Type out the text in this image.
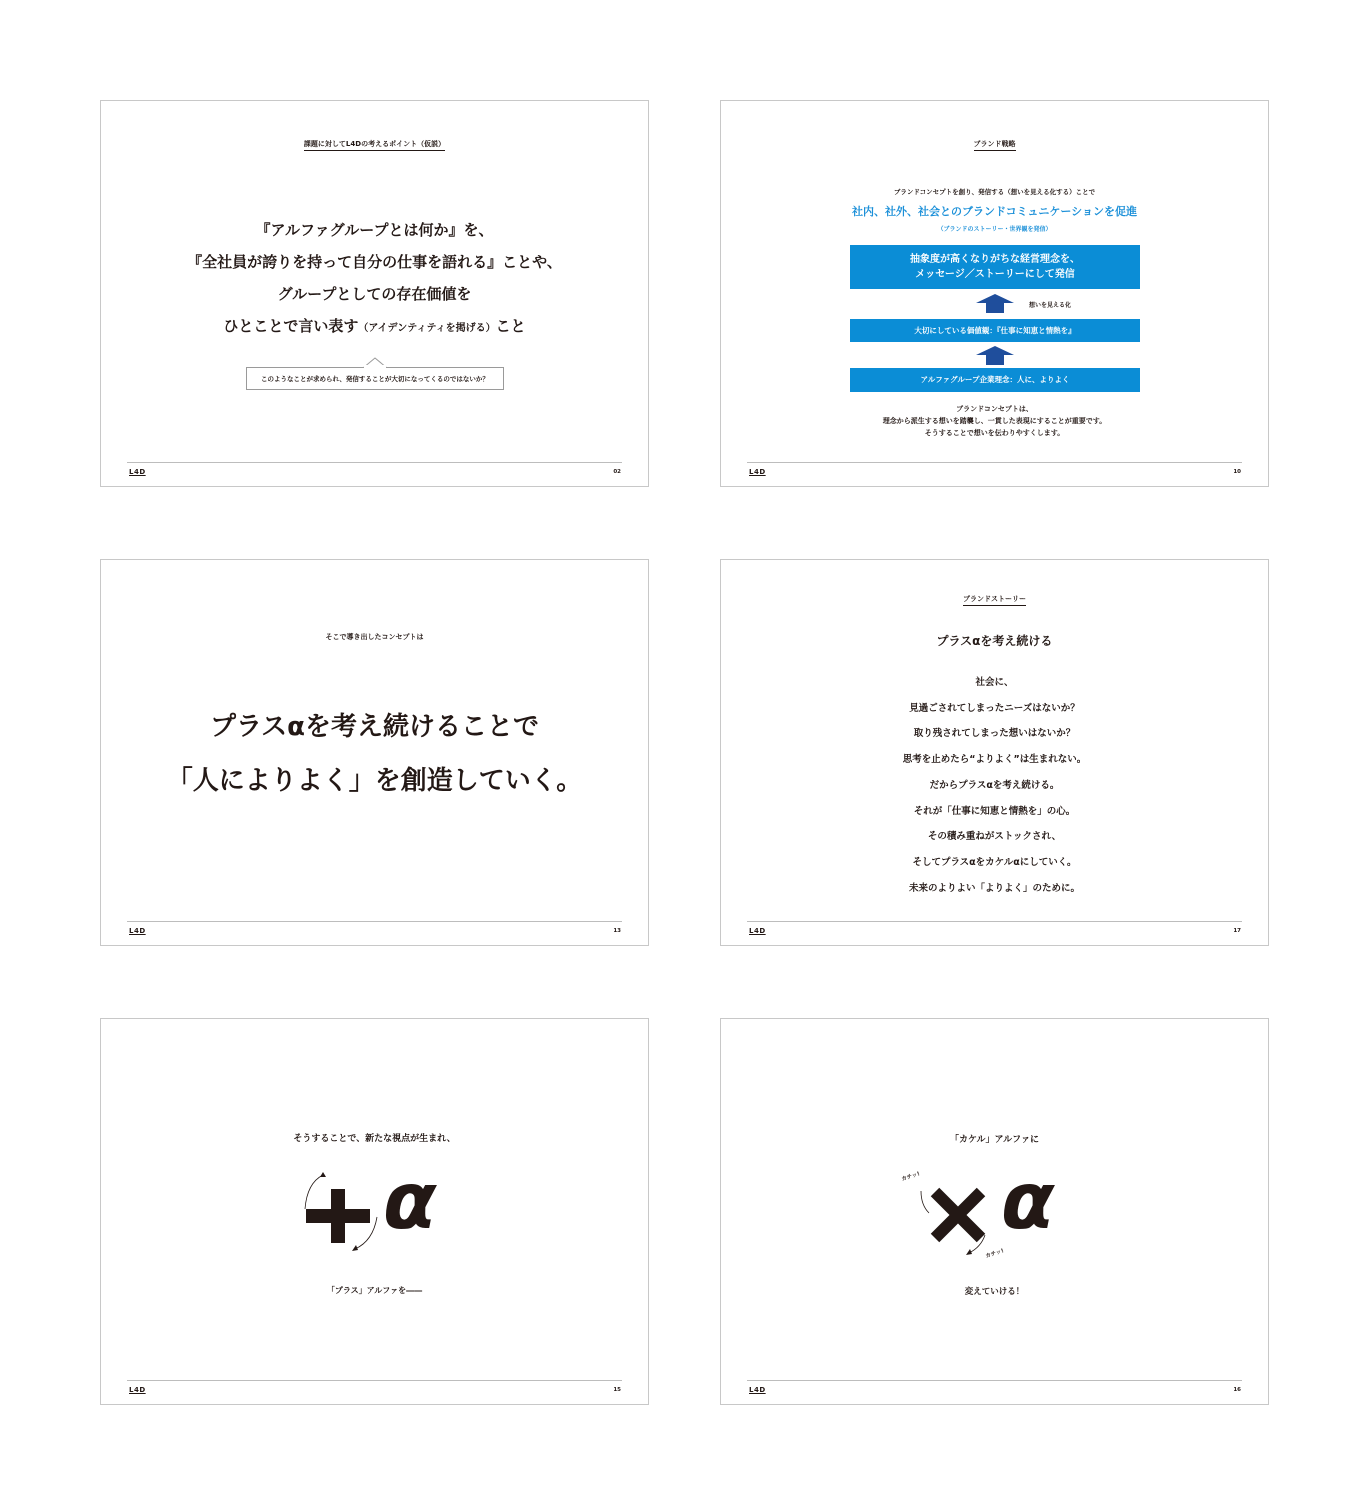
課題に対してL4Dの考えるポイント（仮説）
『アルファグループとは何か』を、
『全社員が誇りを持って自分の仕事を語れる』ことや、
グループとしての存在価値を
ひとことで言い表す（アイデンティティを掲げる）こと
このようなことが求められ、発信することが大切になってくるのではないか？
L4D	02
ブランド戦略
ブランドコンセプトを創り、発信する（想いを見える化する）ことで
社内、社外、社会とのブランドコミュニケーションを促進
（ブランドのストーリー・世界観を発信）
抽象度が高くなりがちな経営理念を、
メッセージ／ストーリーにして発信
想いを見える化
大切にしている価値観：『仕事に知恵と情熱を』
アルファグループ企業理念：人に、よりよく
ブランドコンセプトは、
理念から派生する想いを踏襲し、一貫した表現にすることが重要です。
そうすることで想いを伝わりやすくします。
L4D	10
そこで導き出したコンセプトは
プラスαを考え続けることで
「人によりよく」を創造していく。
L4D	13
ブランドストーリー
プラスαを考え続ける
社会に、
見過ごされてしまったニーズはないか？
取り残されてしまった想いはないか？
思考を止めたら“よりよく”は生まれない。
だからプラスαを考え続ける。
それが「仕事に知恵と情熱を」の心。
その積み重ねがストックされ、
そしてプラスαをカケルαにしていく。
未来のよりよい「よりよく」のために。
L4D	17
そうすることで、新たな視点が生まれ、
α
「プラス」アルファを――
L4D	15
「カケル」アルファに
カチッ!
カチッ!
α
変えていける！
L4D	16
